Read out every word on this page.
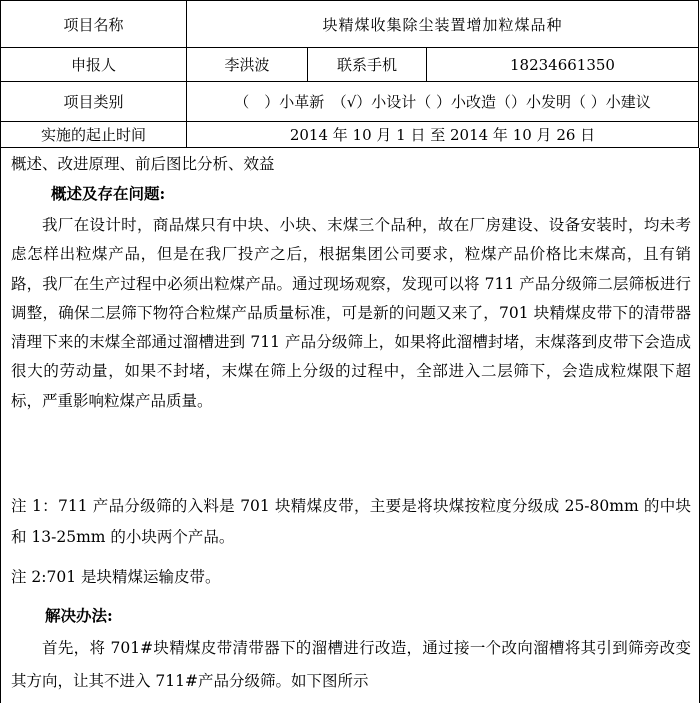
项目名称	块精煤收集除尘装置增加粒煤品种		
申报人	李洪波	联系手机	18234661350
项目类别	（　）小革新　（√）小设计（ ）小改造（）小发明（ ）小建议		
实施的起止时间	2014 年 10 月 1 日 至 2014 年 10 月 26 日		
概述、改进原理、前后图比分析、效益
概述及存在问题:
我厂在设计时，商品煤只有中块、小块、末煤三个品种，故在厂房建设、设备安装时，均未考虑怎样出粒煤产品，但是在我厂投产之后，根据集团公司要求，粒煤产品价格比末煤高，且有销路，我厂在生产过程中必须出粒煤产品。通过现场观察，发现可以将 711 产品分级筛二层筛板进行调整，确保二层筛下物符合粒煤产品质量标准，可是新的问题又来了，701 块精煤皮带下的清带器清理下来的末煤全部通过溜槽进到 711 产品分级筛上，如果将此溜槽封堵，末煤落到皮带下会造成很大的劳动量，如果不封堵，末煤在筛上分级的过程中，全部进入二层筛下，会造成粒煤限下超标，严重影响粒煤产品质量。
注 1：711 产品分级筛的入料是 701 块精煤皮带，主要是将块煤按粒度分级成 25-80mm 的中块和 13-25mm 的小块两个产品。
注 2:701 是块精煤运输皮带。
解决办法:
首先，将 701#块精煤皮带清带器下的溜槽进行改造，通过接一个改向溜槽将其引到筛旁改变其方向，让其不进入 711#产品分级筛。如下图所示
